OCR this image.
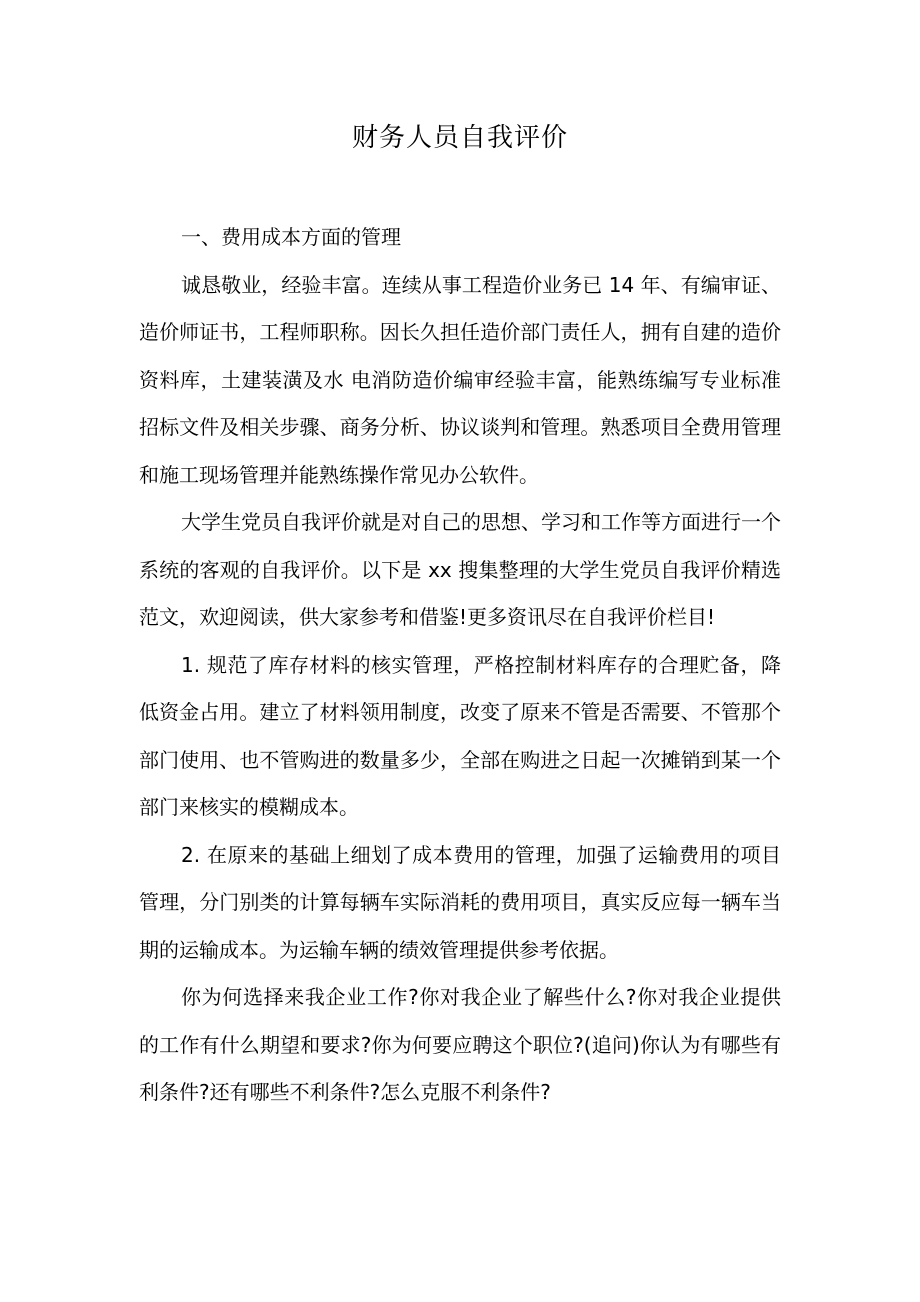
财务人员自我评价

一、费用成本方面的管理

诚恳敬业，经验丰富。连续从事工程造价业务已 14 年、有编审证、造价师证书，工程师职称。因长久担任造价部门责任人，拥有自建的造价资料库，土建装潢及水 电消防造价编审经验丰富，能熟练编写专业标准招标文件及相关步骤、商务分析、协议谈判和管理。熟悉项目全费用管理和施工现场管理并能熟练操作常见办公软件。

大学生党员自我评价就是对自己的思想、学习和工作等方面进行一个系统的客观的自我评价。以下是 xx 搜集整理的大学生党员自我评价精选范文，欢迎阅读，供大家参考和借鉴!更多资讯尽在自我评价栏目!

1. 规范了库存材料的核实管理，严格控制材料库存的合理贮备，降低资金占用。建立了材料领用制度，改变了原来不管是否需要、不管那个部门使用、也不管购进的数量多少，全部在购进之日起一次摊销到某一个部门来核实的模糊成本。

2. 在原来的基础上细划了成本费用的管理，加强了运输费用的项目管理，分门别类的计算每辆车实际消耗的费用项目，真实反应每一辆车当期的运输成本。为运输车辆的绩效管理提供参考依据。

你为何选择来我企业工作?你对我企业了解些什么?你对我企业提供的工作有什么期望和要求?你为何要应聘这个职位?(追问)你认为有哪些有利条件?还有哪些不利条件?怎么克服不利条件?
